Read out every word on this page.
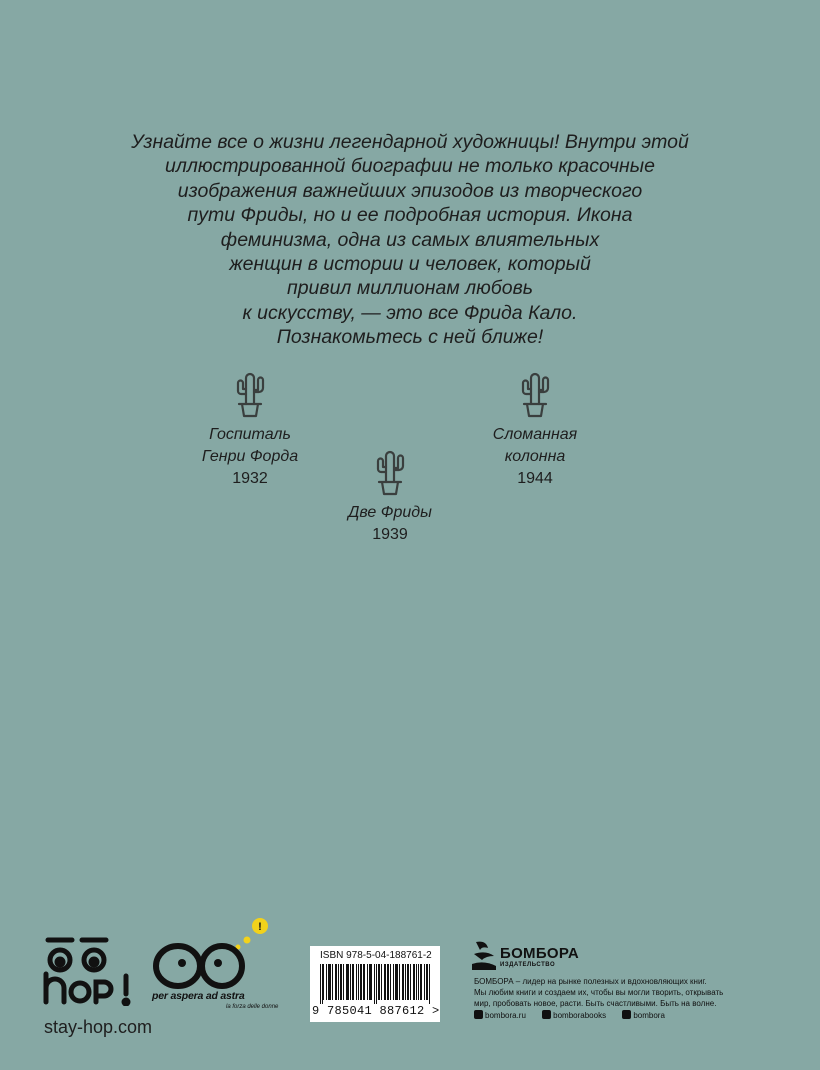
Узнайте все о жизни легендарной художницы! Внутри этой
иллюстрированной биографии не только красочные
изображения важнейших эпизодов из творческого
пути Фриды, но и ее подробная история. Икона
феминизма, одна из самых влиятельных
женщин в истории и человек, который
привил миллионам любовь
к искусству, — это все Фрида Кало.
Познакомьтесь с ней ближе!
Госпиталь
Генри Форда
1932
Две Фриды
1939
Сломанная
колонна
1944
stay-hop.com
!
per aspera ad astra
la forza delle donne
ISBN 978-5-04-188761-2
9 785041 887612 >
БОМБОРА
ИЗДАТЕЛЬСТВО
БОМБОРА – лидер на рынке полезных и вдохновляющих книг.
Мы любим книги и создаем их, чтобы вы могли творить, открывать
мир, пробовать новое, расти. Быть счастливыми. Быть на волне.
bombora.ru	bomborabooks	bombora
